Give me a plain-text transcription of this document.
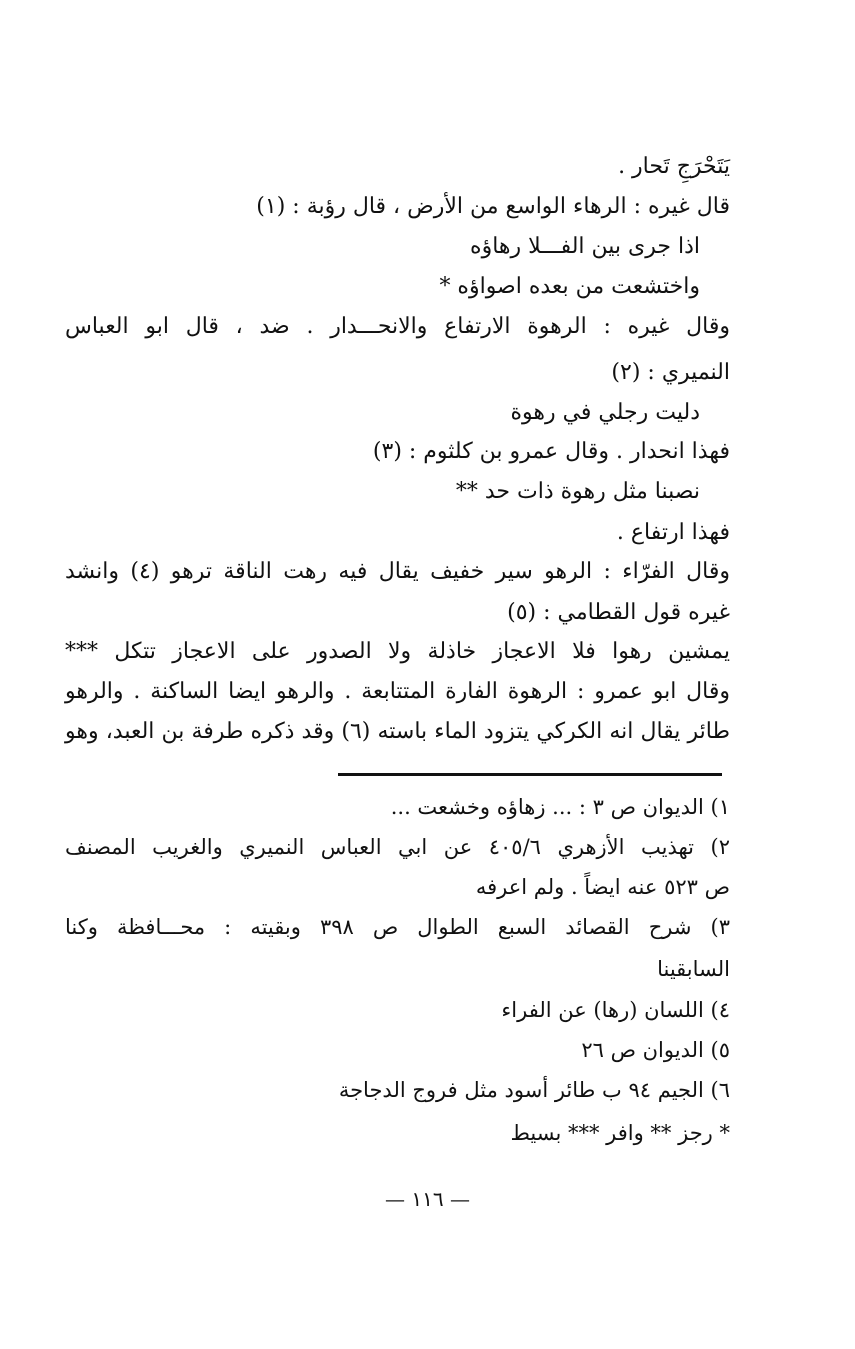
يَتَحْرَجِ تَحار .

قال غيره : الرهاء الواسع من الأرض ، قال رؤبة : (١)

اذا جرى بين الفـــلا رهاؤه

واختشعت من بعده اصواؤه *

وقال غيره : الرهوة الارتفاع والانحـــدار . ضد ، قال ابو العباس

النميري : (٢)

دليت رجلي في رهوة

فهذا انحدار . وقال عمرو بن كلثوم : (٣)

نصبنا مثل رهوة ذات حد **

فهذا ارتفاع .

وقال الفرّاء : الرهو سير خفيف يقال فيه رهت الناقة ترهو (٤) وانشد

غيره قول القطامي : (٥)

يمشين رهوا فلا الاعجاز خاذلة ولا الصدور على الاعجاز تتكل ***

وقال ابو عمرو : الرهوة الفارة المتتابعة . والرهو ايضا الساكنة . والرهو

طائر يقال انه الكركي يتزود الماء باسته (٦) وقد ذكره طرفة بن العبد، وهو

١) الديوان ص ٣ : ... زهاؤه وخشعت ...

٢) تهذيب الأزهري ٤٠٥/٦ عن ابي العباس النميري والغريب المصنف

ص ٥٢٣ عنه ايضاً . ولم اعرفه

٣) شرح القصائد السبع الطوال ص ٣٩٨ وبقيته : محـــافظة وكنا

السابقينا

٤) اللسان (رها) عن الفراء

٥) الديوان ص ٢٦

٦) الجيم ٩٤ ب طائر أسود مثل فروج الدجاجة

* رجز ** وافر *** بسيط

— ١١٦ —
